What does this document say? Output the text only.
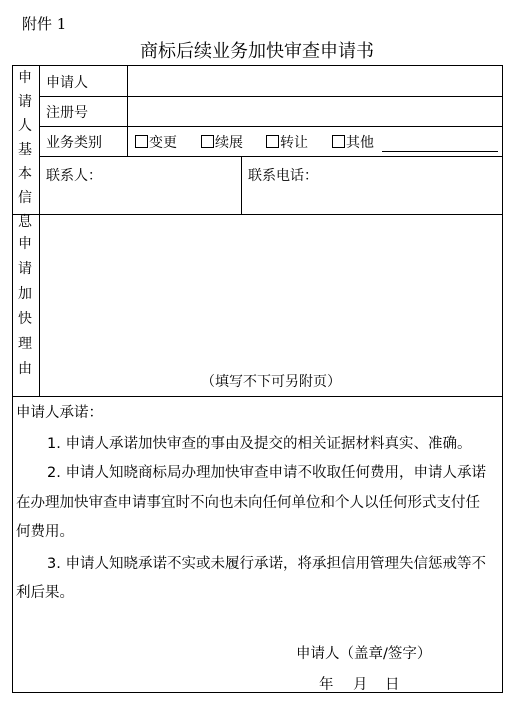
附件 1
商标后续业务加快审查申请书
申
请
人
基
本
信
息
申请人
注册号
业务类别	变更	续展	转让	其他
联系人：	联系电话：
申
请
加
快
理
由
（填写不下可另附页）
申请人承诺：
1. 申请人承诺加快审查的事由及提交的相关证据材料真实、准确。
2. 申请人知晓商标局办理加快审查申请不收取任何费用，申请人承诺
在办理加快审查申请事宜时不向也未向任何单位和个人以任何形式支付任
何费用。
3. 申请人知晓承诺不实或未履行承诺，将承担信用管理失信惩戒等不
利后果。
申请人（盖章/签字）
年 月 日
